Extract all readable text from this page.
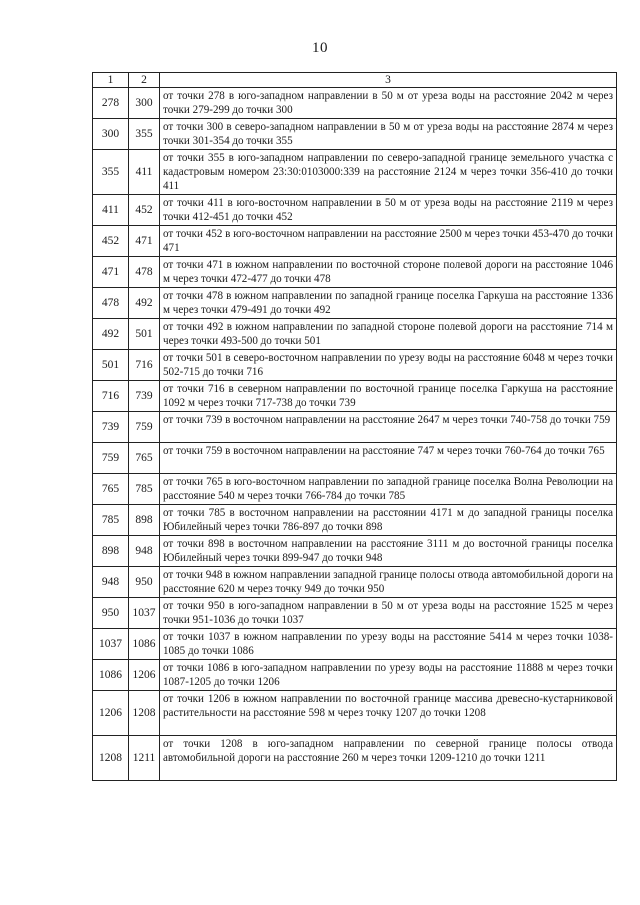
10
1	2	3
278	300	от точки 278 в юго-западном направлении в 50 м от уреза воды на расстояние 2042 м через точки 279-299 до точки 300
300	355	от точки 300 в северо-западном направлении в 50 м от уреза воды на расстояние 2874 м через точки 301-354 до точки 355
355	411	от точки 355 в юго-западном направлении по северо-западной границе земельного участка с кадастровым номером 23:30:0103000:339 на расстояние 2124 м через точки 356-410 до точки 411
411	452	от точки 411 в юго-восточном направлении в 50 м от уреза воды на расстояние 2119 м через точки 412-451 до точки 452
452	471	от точки 452 в юго-восточном направлении на расстояние 2500 м через точки 453-470 до точки 471
471	478	от точки 471 в южном направлении по восточной стороне полевой дороги на расстояние 1046 м через точки 472-477 до точки 478
478	492	от точки 478 в южном направлении по западной границе поселка Гаркуша на расстояние 1336 м через точки 479-491 до точки 492
492	501	от точки 492 в южном направлении по западной стороне полевой дороги на расстояние 714 м через точки 493-500 до точки 501
501	716	от точки 501 в северо-восточном направлении по урезу воды на расстояние 6048 м через точки 502-715 до точки 716
716	739	от точки 716 в северном направлении по восточной границе поселка Гаркуша на расстояние 1092 м через точки 717-738 до точки 739
739	759	от точки 739 в восточном направлении на расстояние 2647 м через точки 740-758 до точки 759
759	765	от точки 759 в восточном направлении на расстояние 747 м через точки 760-764 до точки 765
765	785	от точки 765 в юго-восточном направлении по западной границе поселка Волна Революции на расстояние 540 м через точки 766-784 до точки 785
785	898	от точки 785 в восточном направлении на расстоянии 4171 м до западной границы поселка Юбилейный через точки 786-897 до точки 898
898	948	от точки 898 в восточном направлении на расстояние 3111 м до восточной границы поселка Юбилейный через точки 899-947 до точки 948
948	950	от точки 948 в южном направлении западной границе полосы отвода автомобильной дороги на расстояние 620 м через точку 949 до точки 950
950	1037	от точки 950 в юго-западном направлении в 50 м от уреза воды на расстояние 1525 м через точки 951-1036 до точки 1037
1037	1086	от точки 1037 в южном направлении по урезу воды на расстояние 5414 м через точки 1038-1085 до точки 1086
1086	1206	от точки 1086 в юго-западном направлении по урезу воды на расстояние 11888 м через точки 1087-1205 до точки 1206
1206	1208	от точки 1206 в южном направлении по восточной границе массива древесно-кустарниковой растительности на расстояние 598 м через точку 1207 до точки 1208
1208	1211	от точки 1208 в юго-западном направлении по северной границе полосы отвода автомобильной дороги на расстояние 260 м через точки 1209-1210 до точки 1211
